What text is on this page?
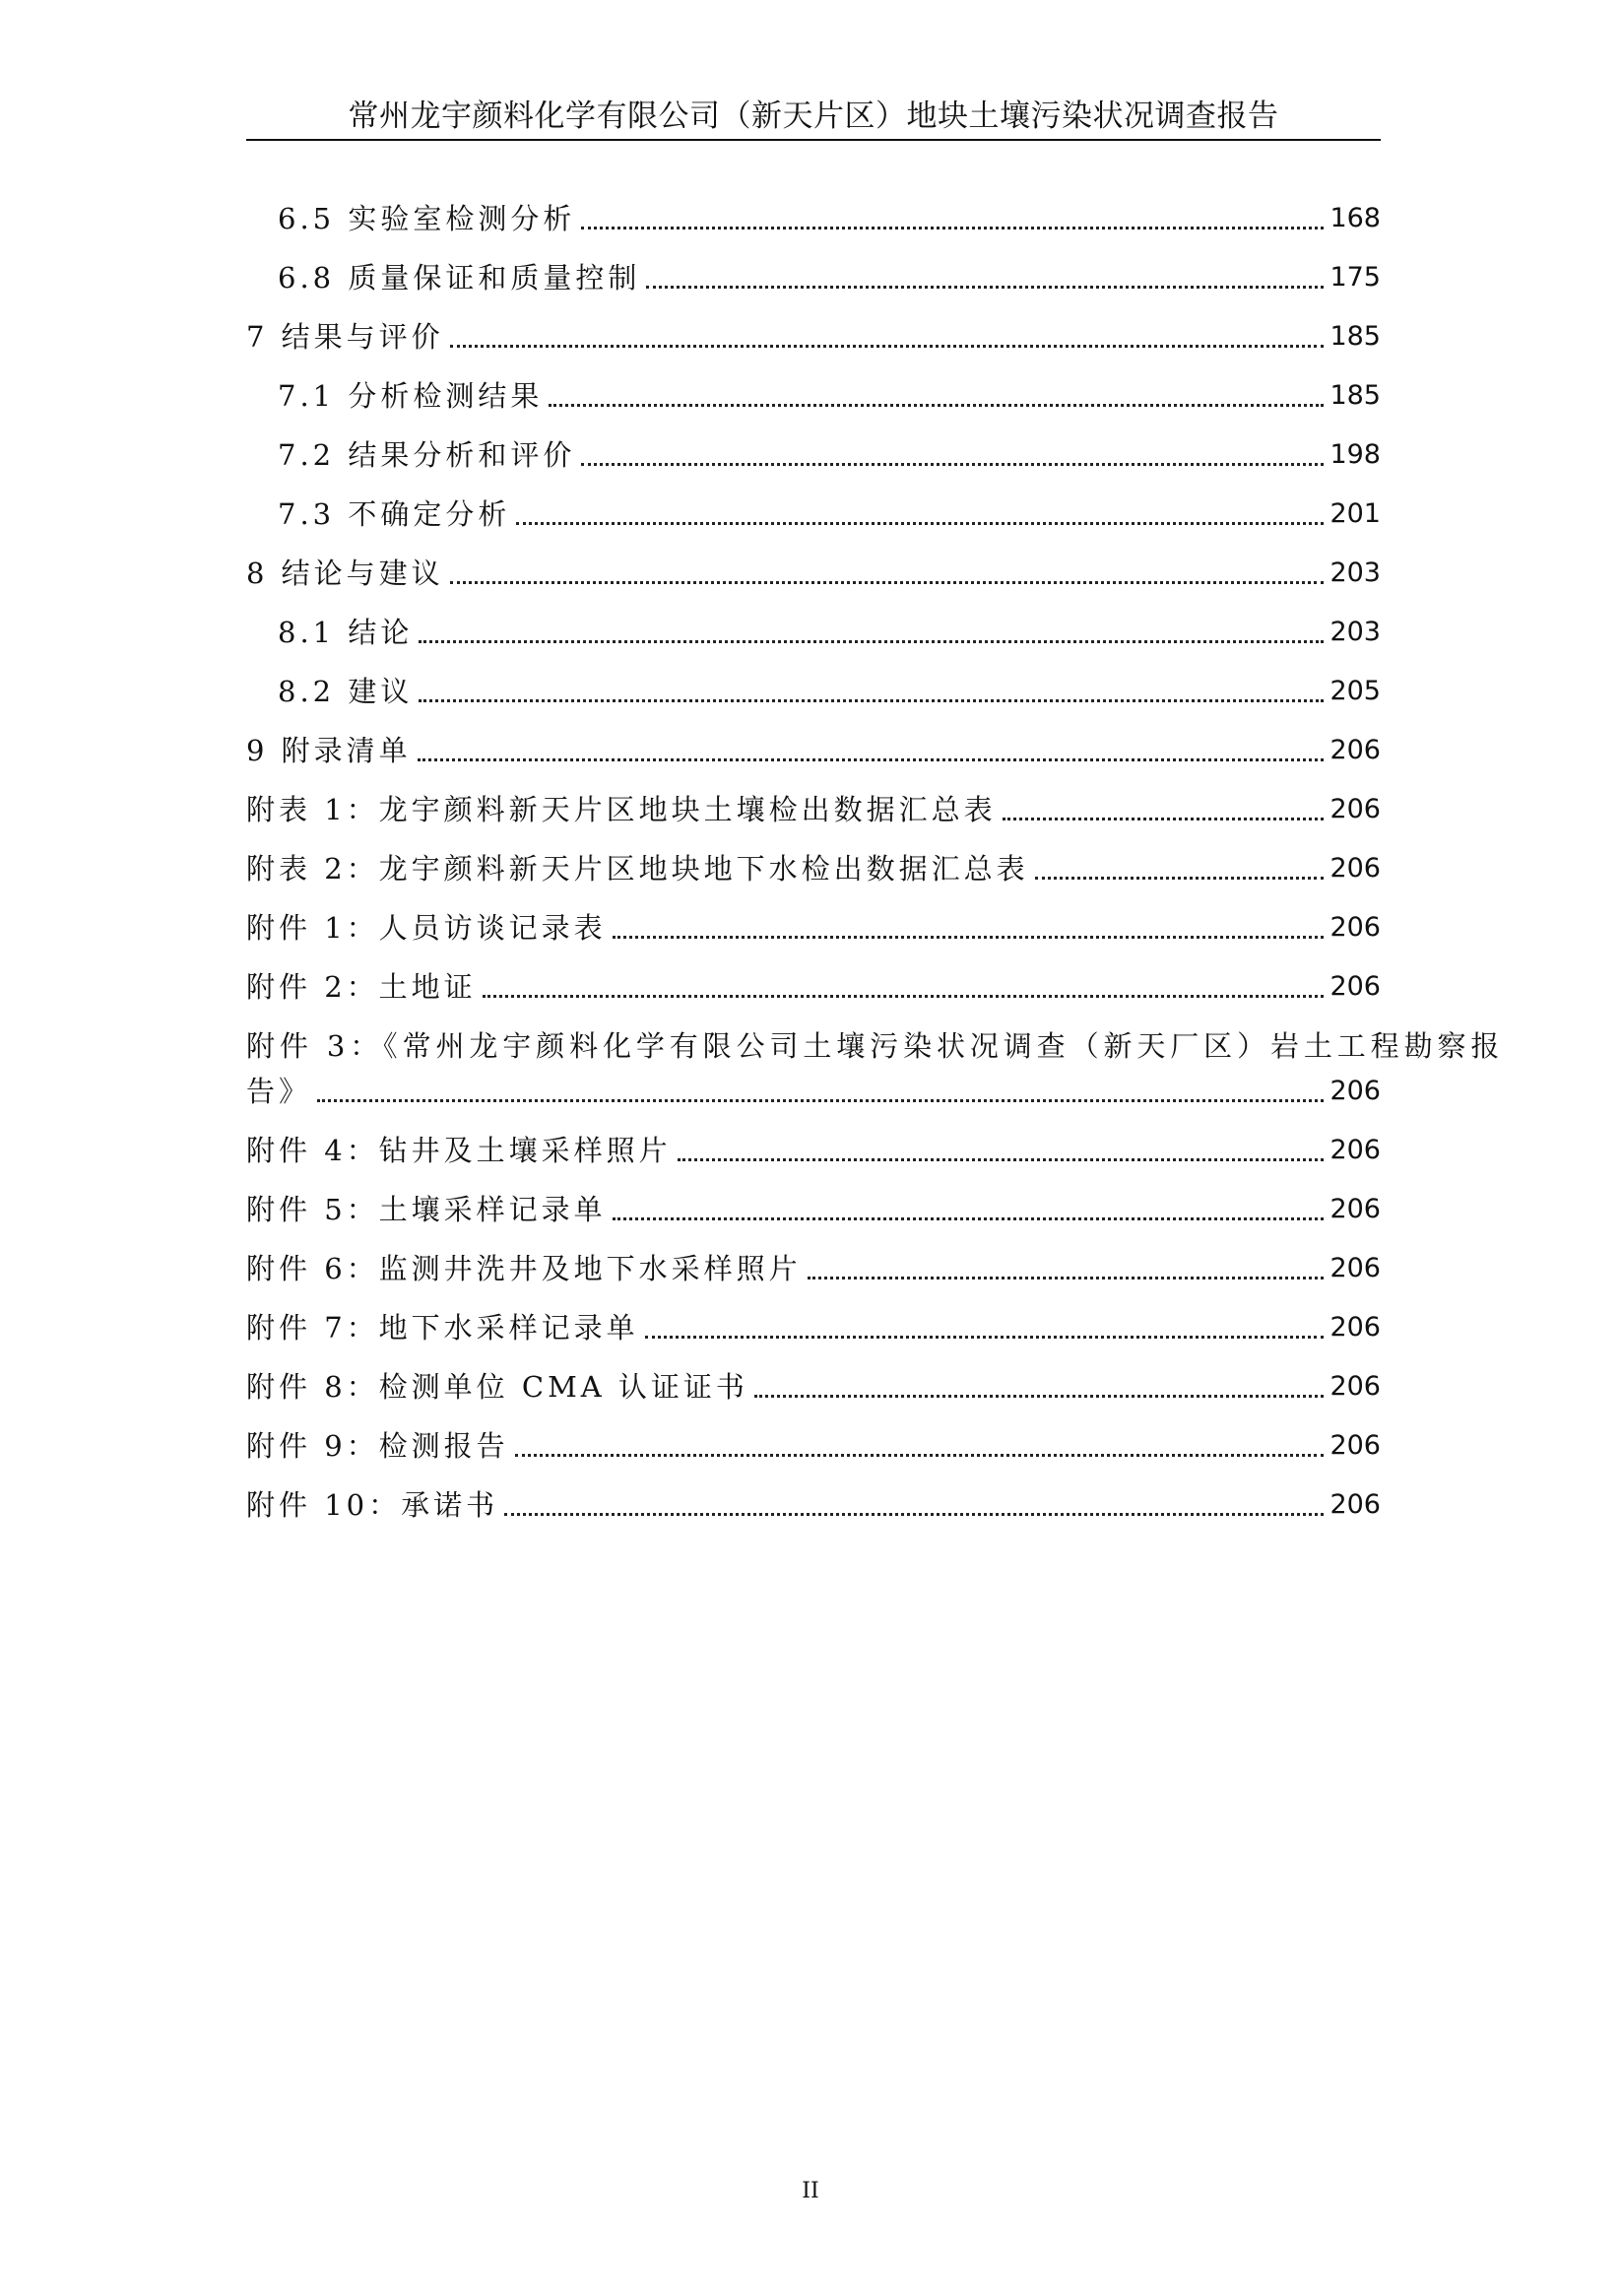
常州龙宇颜料化学有限公司（新天片区）地块土壤污染状况调查报告
6.5 实验室检测分析	168
6.8 质量保证和质量控制	175
7 结果与评价	185
7.1 分析检测结果	185
7.2 结果分析和评价	198
7.3 不确定分析	201
8 结论与建议	203
8.1 结论	203
8.2 建议	205
9 附录清单	206
附表 1：龙宇颜料新天片区地块土壤检出数据汇总表	206
附表 2：龙宇颜料新天片区地块地下水检出数据汇总表	206
附件 1：人员访谈记录表	206
附件 2：土地证	206
附件 3：《常州龙宇颜料化学有限公司土壤污染状况调查（新天厂区）岩土工程勘察报
告》	206
附件 4：钻井及土壤采样照片	206
附件 5：土壤采样记录单	206
附件 6：监测井洗井及地下水采样照片	206
附件 7：地下水采样记录单	206
附件 8：检测单位 CMA 认证证书	206
附件 9：检测报告	206
附件 10：承诺书	206
II
